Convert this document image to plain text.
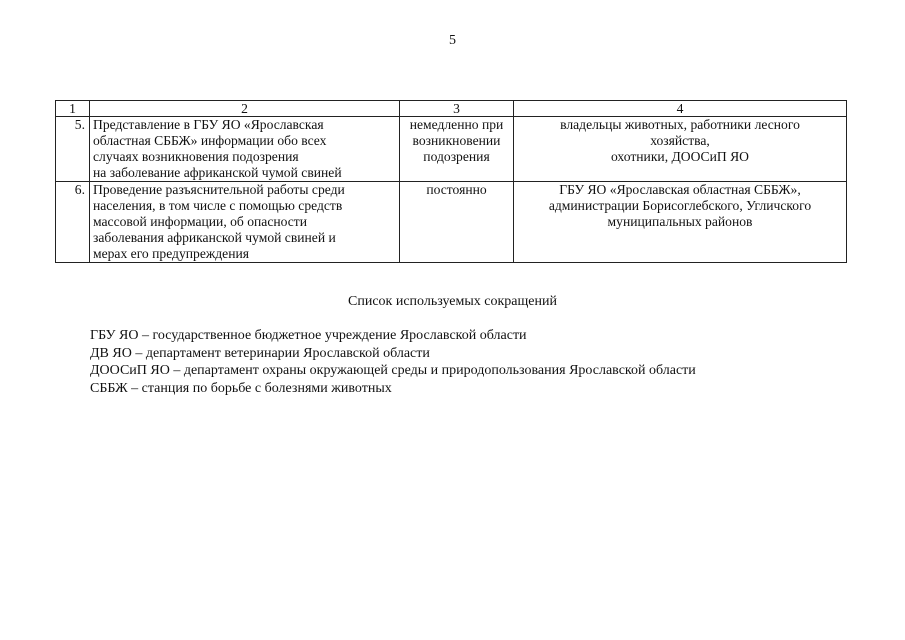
5
1	2	3	4
5.	Представление в ГБУ ЯО «Ярославская
областная СББЖ» информации обо всех
случаях возникновения подозрения
на заболевание африканской чумой свиней	немедленно при
возникновении
подозрения	владельцы животных, работники лесного
хозяйства,
охотники, ДООСиП ЯО

6.	Проведение разъяснительной работы среди
населения, в том числе с помощью средств
массовой информации, об опасности
заболевания африканской чумой свиней и
мерах его предупреждения	постоянно	ГБУ ЯО «Ярославская областная СББЖ»,
администрации Борисоглебского, Угличского
муниципальных районов
Список используемых сокращений
ГБУ ЯО – государственное бюджетное учреждение Ярославской области
ДВ ЯО – департамент ветеринарии Ярославской области
ДООСиП ЯО – департамент охраны окружающей среды и природопользования Ярославской области
СББЖ – станция по борьбе с болезнями животных
